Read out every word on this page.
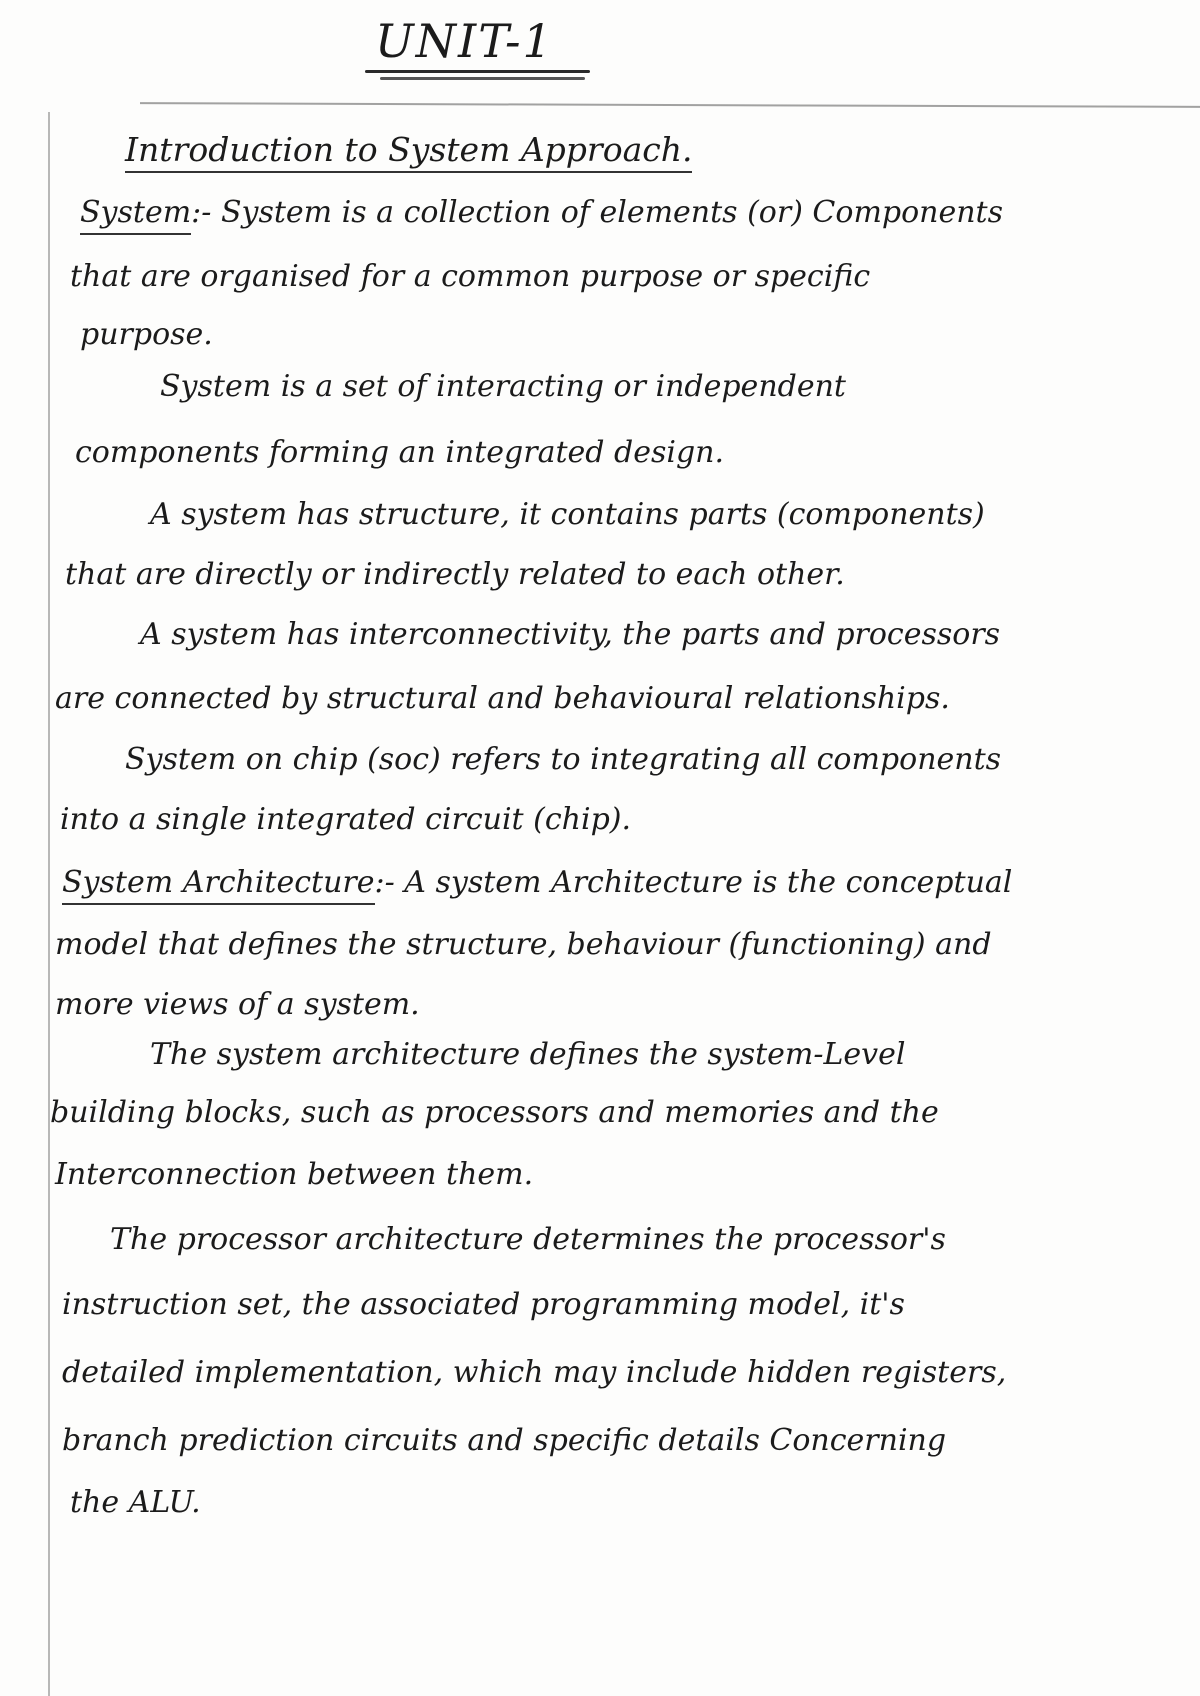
UNIT-1
Introduction to System Approach.
System:- System is a collection of elements (or) Components
that are organised for a common purpose or specific
purpose.
System is a set of interacting or independent
components forming an integrated design.
A system has structure, it contains parts (components)
that are directly or indirectly related to each other.
A system has interconnectivity, the parts and processors
are connected by structural and behavioural relationships.
System on chip (soc) refers to integrating all components
into a single integrated circuit (chip).
System Architecture:- A system Architecture is the conceptual
model that defines the structure, behaviour (functioning) and
more views of a system.
The system architecture defines the system-Level
building blocks, such as processors and memories and the
Interconnection between them.
The processor architecture determines the processor's
instruction set, the associated programming model, it's
detailed implementation, which may include hidden registers,
branch prediction circuits and specific details Concerning
the ALU.
